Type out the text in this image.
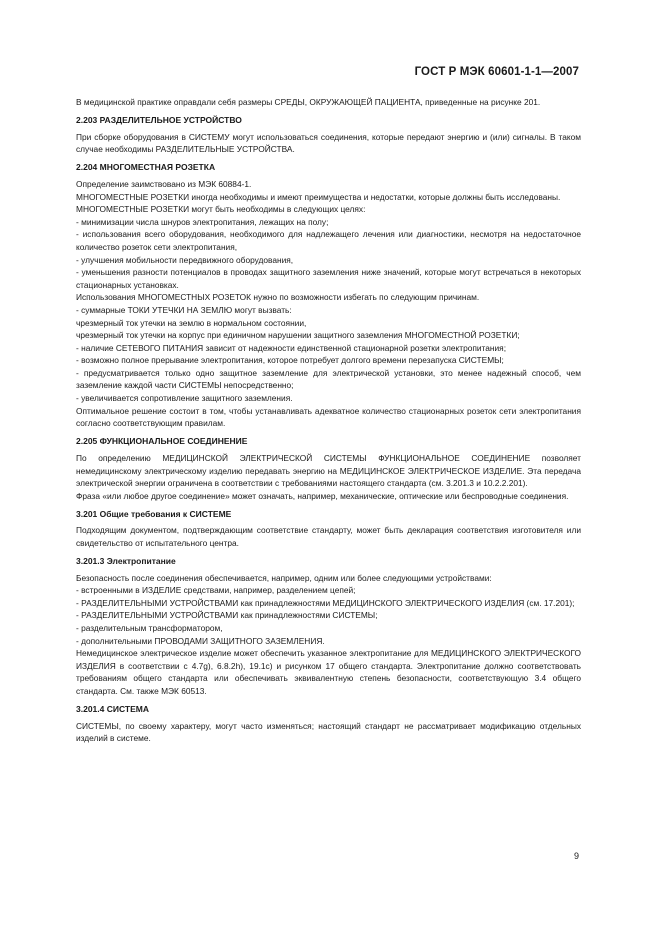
ГОСТ Р МЭК 60601-1-1—2007
В медицинской практике оправдали себя размеры СРЕДЫ, ОКРУЖАЮЩЕЙ ПАЦИЕНТА, приведенные на рисунке 201.
2.203 РАЗДЕЛИТЕЛЬНОЕ УСТРОЙСТВО
При сборке оборудования в СИСТЕМУ могут использоваться соединения, которые передают энергию и (или) сигналы. В таком случае необходимы РАЗДЕЛИТЕЛЬНЫЕ УСТРОЙСТВА.
2.204 МНОГОМЕСТНАЯ РОЗЕТКА
Определение заимствовано из МЭК 60884-1.
МНОГОМЕСТНЫЕ РОЗЕТКИ иногда необходимы и имеют преимущества и недостатки, которые должны быть исследованы.
МНОГОМЕСТНЫЕ РОЗЕТКИ могут быть необходимы в следующих целях:
- минимизации числа шнуров электропитания, лежащих на полу;
- использования всего оборудования, необходимого для надлежащего лечения или диагностики, несмотря на недостаточное количество розеток сети электропитания,
- улучшения мобильности передвижного оборудования,
- уменьшения разности потенциалов в проводах защитного заземления ниже значений, которые могут встречаться в некоторых стационарных установках.
Использования МНОГОМЕСТНЫХ РОЗЕТОК нужно по возможности избегать по следующим причинам.
- суммарные ТОКИ УТЕЧКИ НА ЗЕМЛЮ могут вызвать:
чрезмерный ток утечки на землю в нормальном состоянии,
чрезмерный ток утечки на корпус при единичном нарушении защитного заземления МНОГОМЕСТНОЙ РОЗЕТКИ;
- наличие СЕТЕВОГО ПИТАНИЯ зависит от надежности единственной стационарной розетки электропитания;
- возможно полное прерывание электропитания, которое потребует долгого времени перезапуска СИСТЕМЫ;
- предусматривается только одно защитное заземление для электрической установки, это менее надежный способ, чем заземление каждой части СИСТЕМЫ непосредственно;
- увеличивается сопротивление защитного заземления.
Оптимальное решение состоит в том, чтобы устанавливать адекватное количество стационарных розеток сети электропитания согласно соответствующим правилам.
2.205 ФУНКЦИОНАЛЬНОЕ СОЕДИНЕНИЕ
По определению МЕДИЦИНСКОЙ ЭЛЕКТРИЧЕСКОЙ СИСТЕМЫ ФУНКЦИОНАЛЬНОЕ СОЕДИНЕНИЕ позволяет немедицинскому электрическому изделию передавать энергию на МЕДИЦИНСКОЕ ЭЛЕКТРИЧЕСКОЕ ИЗДЕЛИЕ. Эта передача электрической энергии ограничена в соответствии с требованиями настоящего стандарта (см. 3.201.3 и 10.2.2.201).
Фраза «или любое другое соединение» может означать, например, механические, оптические или беспроводные соединения.
3.201 Общие требования к СИСТЕМЕ
Подходящим документом, подтверждающим соответствие стандарту, может быть декларация соответствия изготовителя или свидетельство от испытательного центра.
3.201.3 Электропитание
Безопасность после соединения обеспечивается, например, одним или более следующими устройствами:
- встроенными в ИЗДЕЛИЕ средствами, например, разделением цепей;
- РАЗДЕЛИТЕЛЬНЫМИ УСТРОЙСТВАМИ как принадлежностями МЕДИЦИНСКОГО ЭЛЕКТРИЧЕСКОГО ИЗДЕЛИЯ (см. 17.201);
- РАЗДЕЛИТЕЛЬНЫМИ УСТРОЙСТВАМИ как принадлежностями СИСТЕМЫ;
- разделительным трансформатором,
- дополнительными ПРОВОДАМИ ЗАЩИТНОГО ЗАЗЕМЛЕНИЯ.
Немедицинское электрическое изделие может обеспечить указанное электропитание для МЕДИЦИНСКОГО ЭЛЕКТРИЧЕСКОГО ИЗДЕЛИЯ в соответствии с 4.7g), 6.8.2h), 19.1c) и рисунком 17 общего стандарта. Электропитание должно соответствовать требованиям общего стандарта или обеспечивать эквивалентную степень безопасности, соответствующую 3.4 общего стандарта. См. также МЭК 60513.
3.201.4 СИСТЕМА
СИСТЕМЫ, по своему характеру, могут часто изменяться; настоящий стандарт не рассматривает модификацию отдельных изделий в системе.
9
